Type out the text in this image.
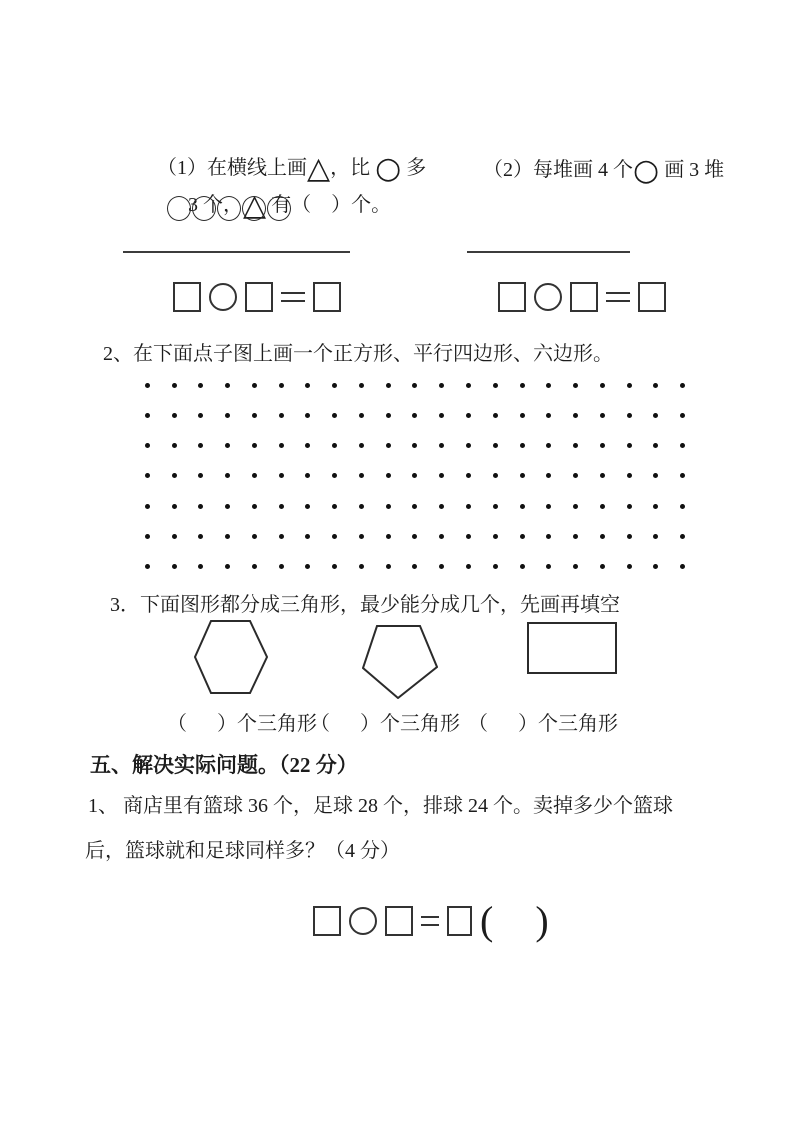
（1）在横线上画△，比 ○ 多
	（2）每堆画 4 个○ 画 3 堆

3 个，△ 有（    ）个。

2、在下面点子图上画一个正方形、平行四边形、六边形。
3．下面图形都分成三角形，最少能分成几个，先画再填空
（      ）个三角形
（      ）个三角形 （      ）个三角形
五、解决实际问题。（22 分）
1、 商店里有篮球 36 个，足球 28 个，排球 24 个。卖掉多少个篮球
后，篮球就和足球同样多？（4 分）
( )
